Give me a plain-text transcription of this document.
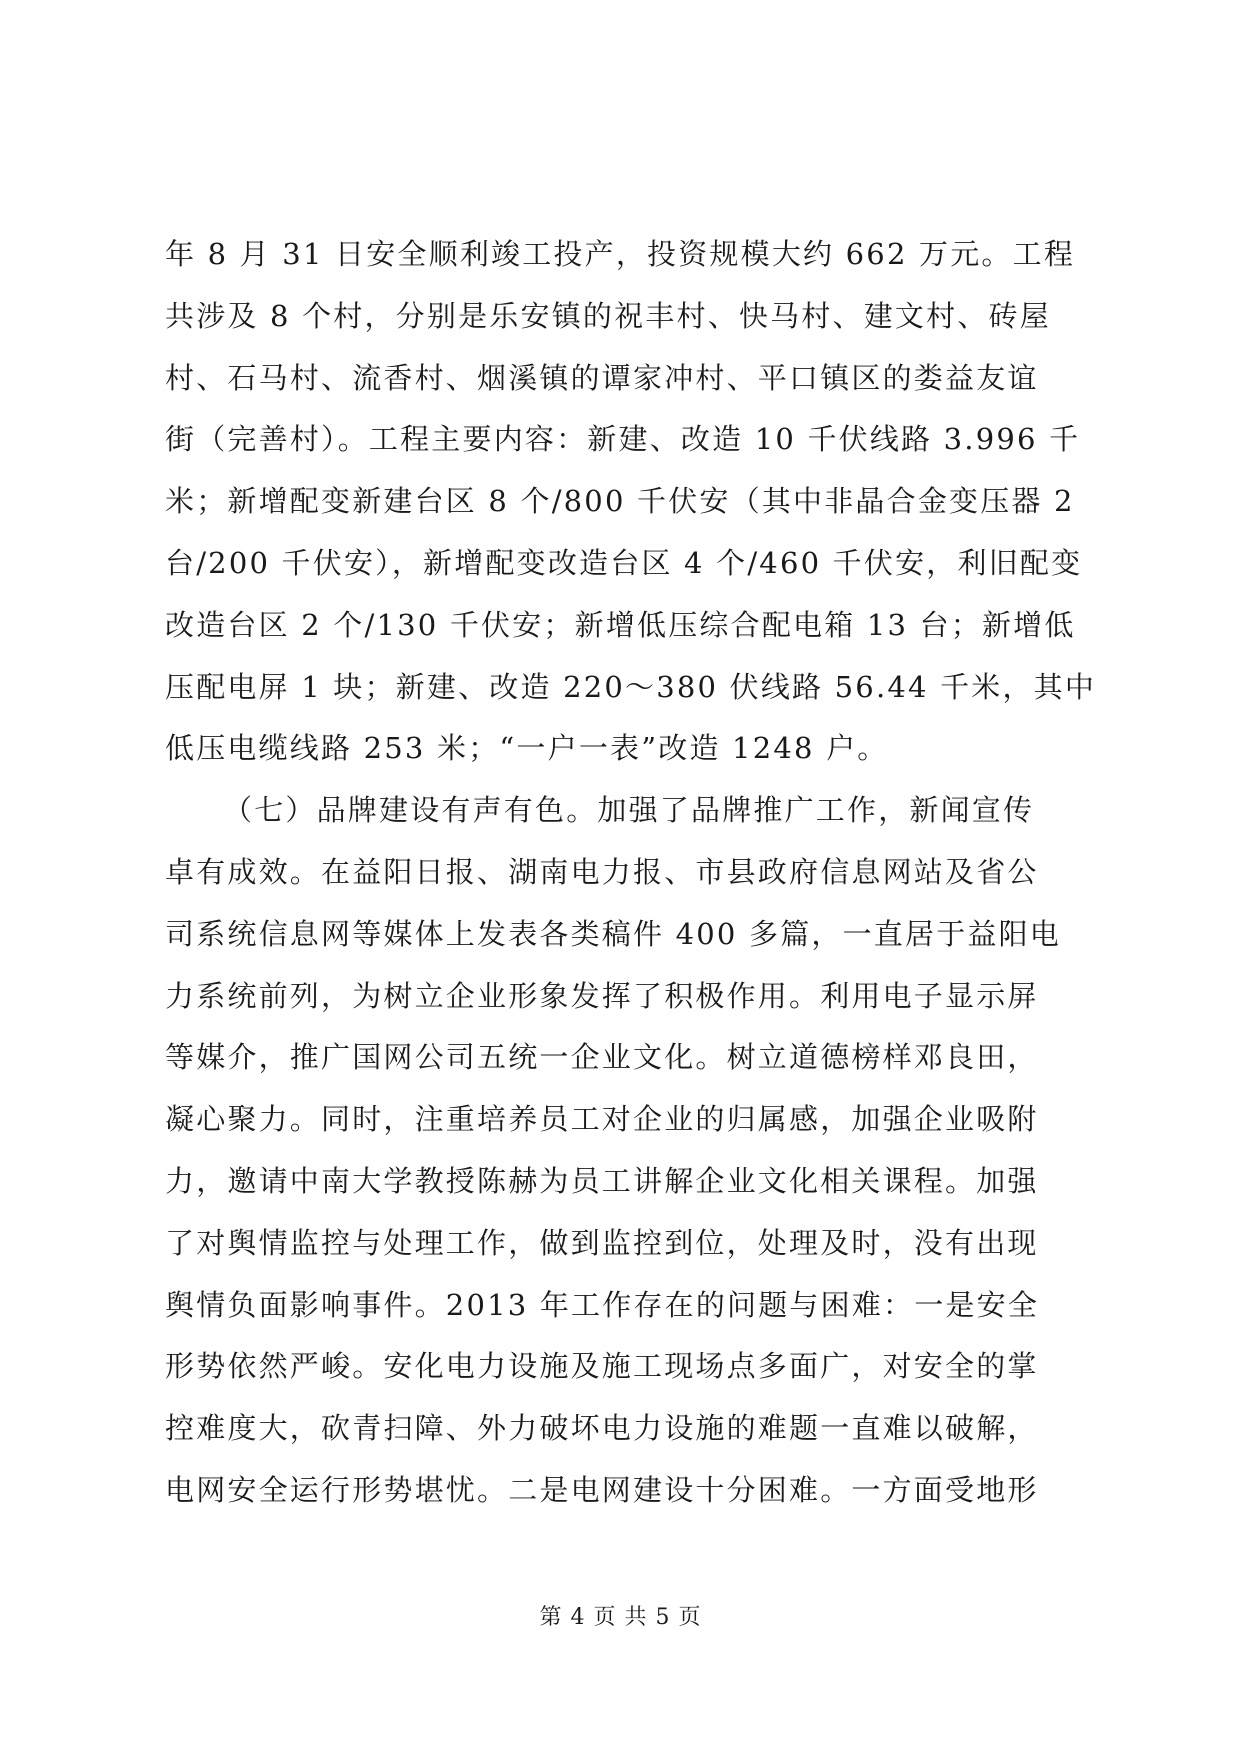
年 8 月 31 日安全顺利竣工投产，投资规模大约 662 万元。工程
共涉及 8 个村，分别是乐安镇的祝丰村、快马村、建文村、砖屋
村、石马村、流香村、烟溪镇的谭家冲村、平口镇区的娄益友谊
街（完善村）。工程主要内容：新建、改造 10 千伏线路 3.996 千
米；新增配变新建台区 8 个/800 千伏安（其中非晶合金变压器 2
台/200 千伏安），新增配变改造台区 4 个/460 千伏安，利旧配变
改造台区 2 个/130 千伏安；新增低压综合配电箱 13 台；新增低
压配电屏 1 块；新建、改造 220～380 伏线路 56.44 千米，其中
低压电缆线路 253 米；“一户一表”改造 1248 户。
（七）品牌建设有声有色。加强了品牌推广工作，新闻宣传
卓有成效。在益阳日报、湖南电力报、市县政府信息网站及省公
司系统信息网等媒体上发表各类稿件 400 多篇，一直居于益阳电
力系统前列，为树立企业形象发挥了积极作用。利用电子显示屏
等媒介，推广国网公司五统一企业文化。树立道德榜样邓良田，
凝心聚力。同时，注重培养员工对企业的归属感，加强企业吸附
力，邀请中南大学教授陈赫为员工讲解企业文化相关课程。加强
了对舆情监控与处理工作，做到监控到位，处理及时，没有出现
舆情负面影响事件。2013 年工作存在的问题与困难：一是安全
形势依然严峻。安化电力设施及施工现场点多面广，对安全的掌
控难度大，砍青扫障、外力破坏电力设施的难题一直难以破解，
电网安全运行形势堪忧。二是电网建设十分困难。一方面受地形
第 4 页 共 5 页
